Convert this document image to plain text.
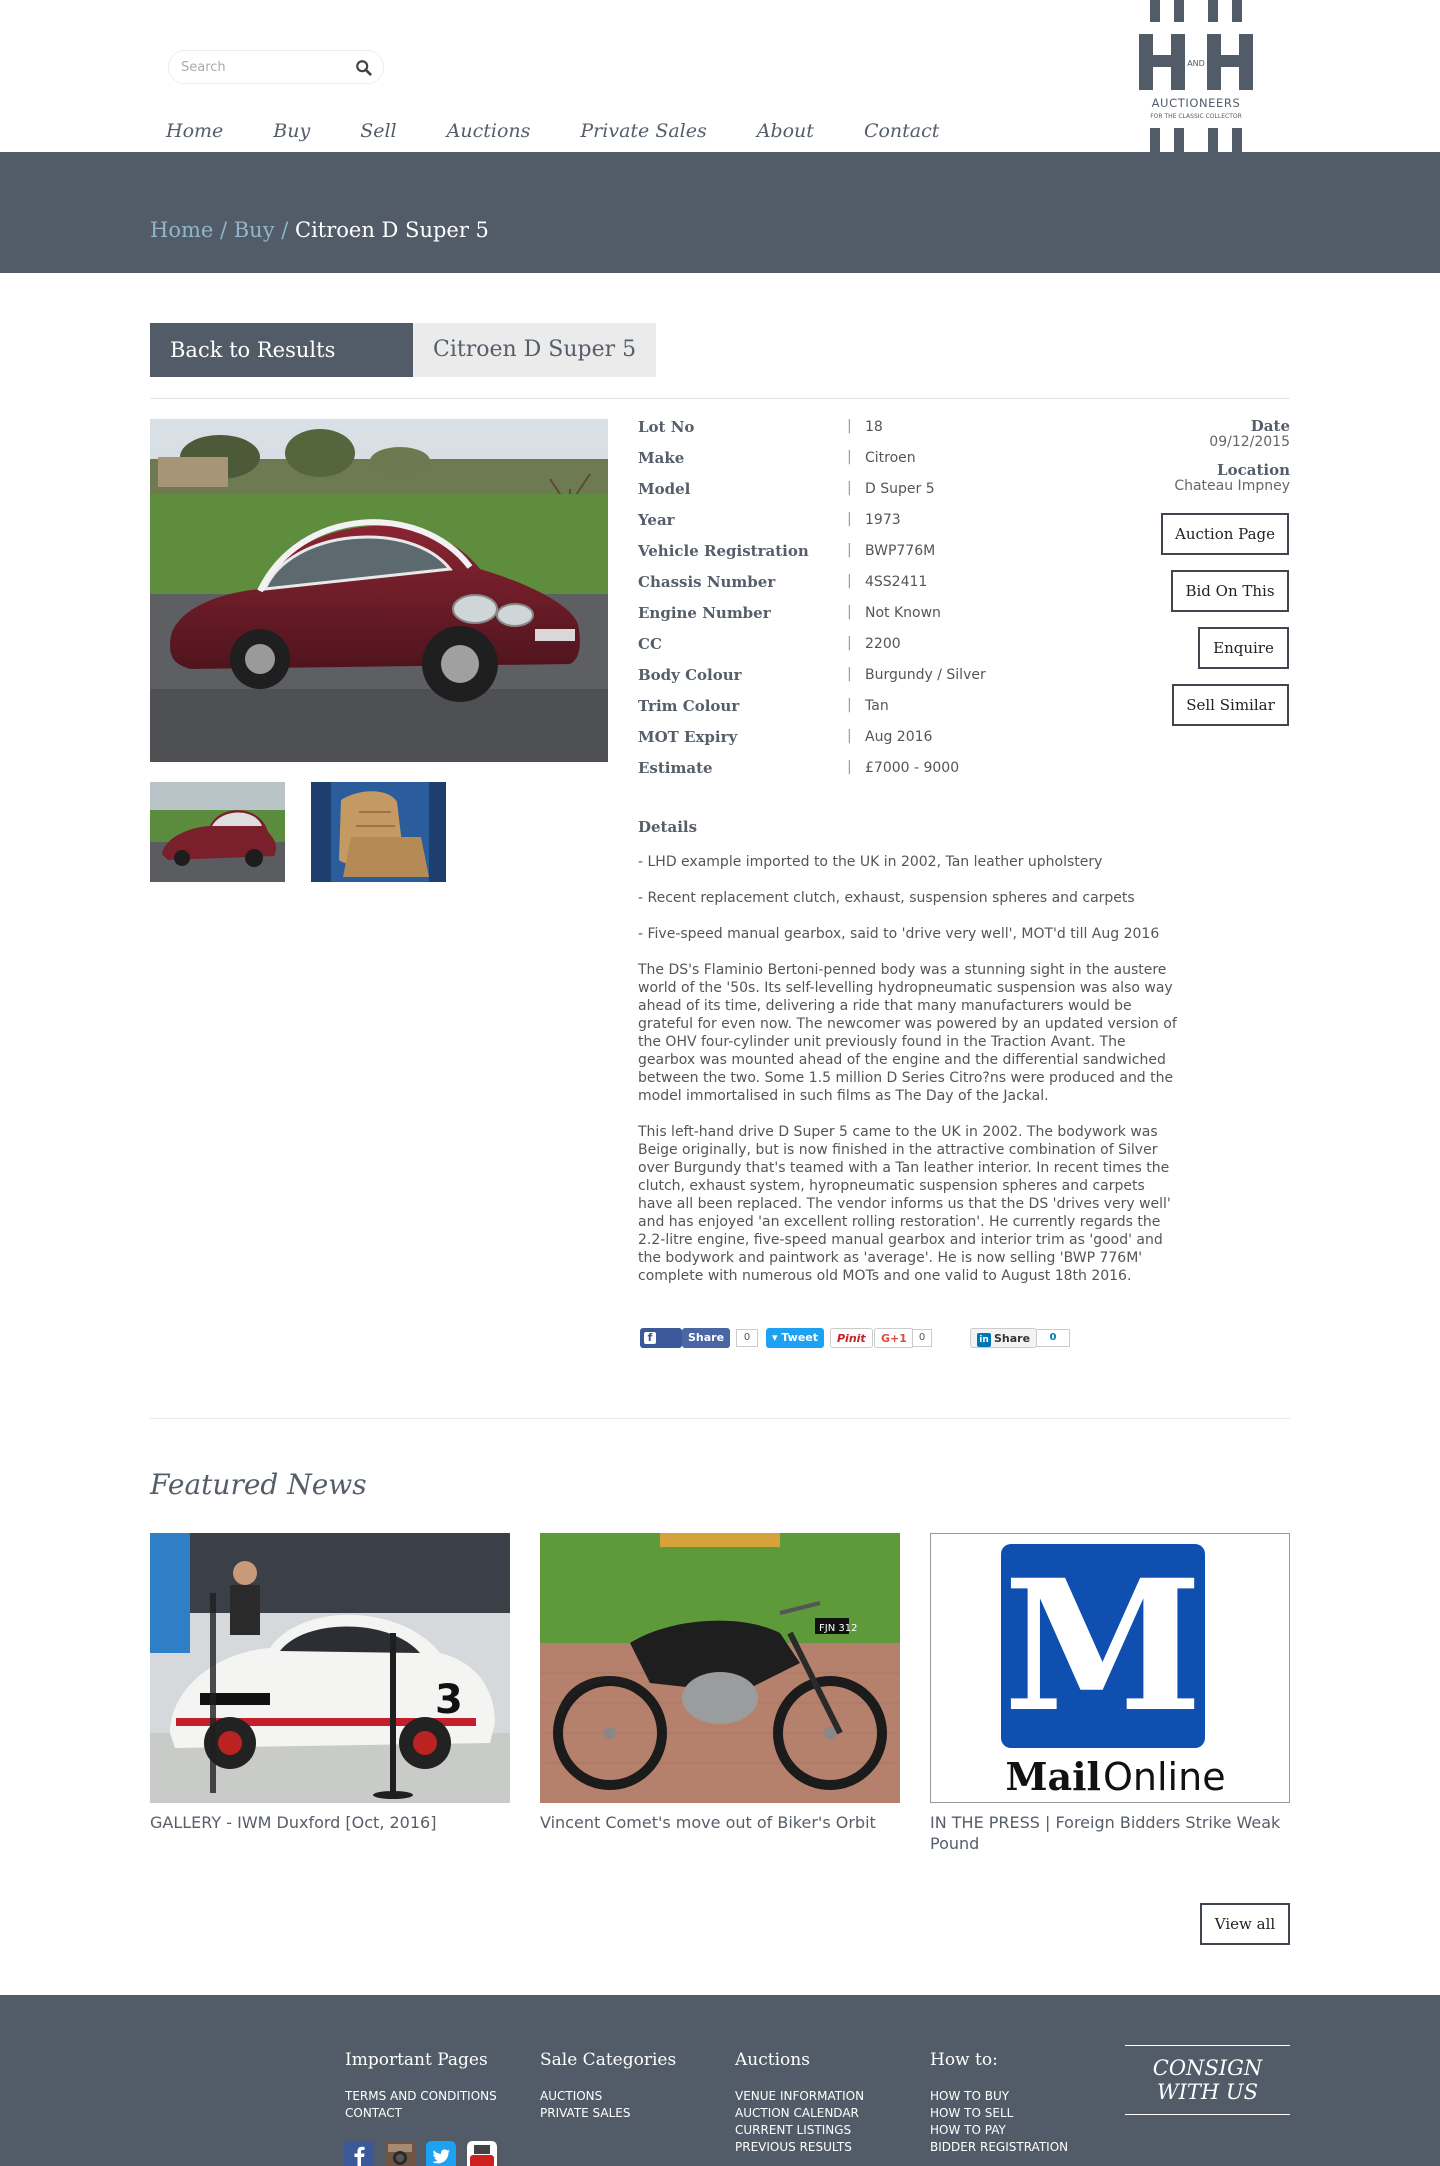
Search
Home	Buy	Sell	Auctions	Private Sales	About	Contact
AND
AUCTIONEERS
FOR THE CLASSIC COLLECTOR
Home / Buy / Citroen D Super 5
Back to Results	Citroen D Super 5
Lot No	| 18
Make	| Citroen
Model	| D Super 5
Year	| 1973
Vehicle Registration	| BWP776M
Chassis Number	| 4SS2411
Engine Number	| Not Known
CC	| 2200
Body Colour	| Burgundy / Silver
Trim Colour	| Tan
MOT Expiry	| Aug 2016
Estimate	| £7000 - 9000
Date
09/12/2015
Location
Chateau Impney
Auction Page
Bid On This
Enquire
Sell Similar
Details

- LHD example imported to the UK in 2002, Tan leather upholstery

- Recent replacement clutch, exhaust, suspension spheres and carpets

- Five-speed manual gearbox, said to 'drive very well', MOT'd till Aug 2016

The DS's Flaminio Bertoni-penned body was a stunning sight in the austere world of the '50s. Its self-levelling hydropneumatic suspension was also way ahead of its time, delivering a ride that many manufacturers would be grateful for even now. The newcomer was powered by an updated version of the OHV four-cylinder unit previously found in the Traction Avant. The gearbox was mounted ahead of the engine and the differential sandwiched between the two. Some 1.5 million D Series Citro?ns were produced and the model immortalised in such films as The Day of the Jackal.

This left-hand drive D Super 5 came to the UK in 2002. The bodywork was Beige originally, but is now finished in the attractive combination of Silver over Burgundy that's teamed with a Tan leather interior. In recent times the clutch, exhaust system, hyropneumatic suspension spheres and carpets have all been replaced. The vendor informs us that the DS 'drives very well' and has enjoyed 'an excellent rolling restoration'. He currently regards the 2.2-litre engine, five-speed manual gearbox and interior trim as 'good' and the bodywork and paintwork as 'average'. He is now selling 'BWP 776M' complete with numerous old MOTs and one valid to August 18th 2016.

fLike
Share	0	▾ Tweet	Pinit	G+1	0	in Share	0
Featured News
3
FJN 312 M
Mail Online
GALLERY - IWM Duxford [Oct, 2016]	Vincent Comet's move out of Biker's Orbit	IN THE PRESS | Foreign Bidders Strike Weak Pound
View all
Important Pages
TERMS AND CONDITIONS
CONTACT
Sale Categories
AUCTIONS
PRIVATE SALES
Auctions
VENUE INFORMATION
AUCTION CALENDAR
CURRENT LISTINGS
PREVIOUS RESULTS
How to:
HOW TO BUY
HOW TO SELL
HOW TO PAY
BIDDER REGISTRATION
CONSIGN
WITH US
